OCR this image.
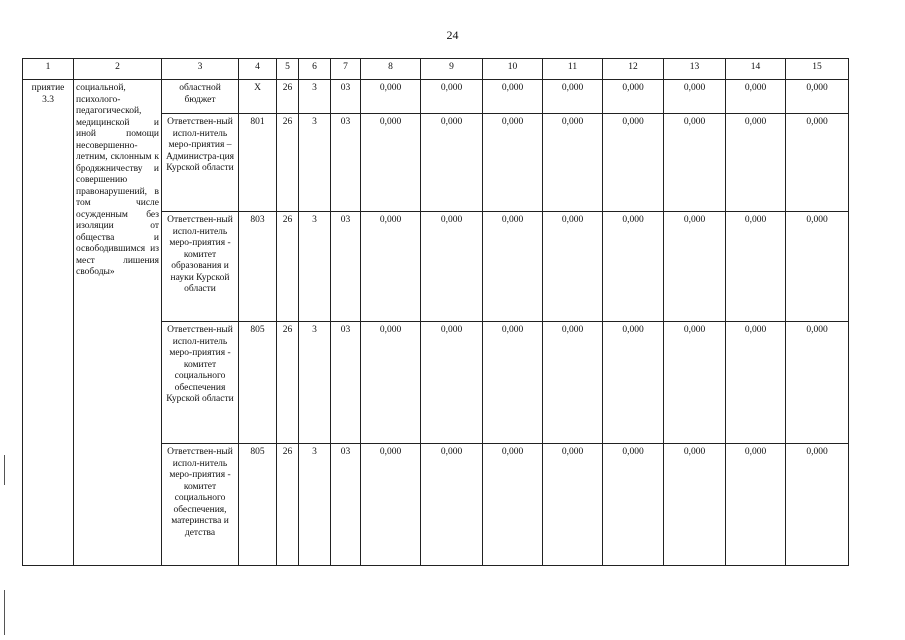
24
1	2	3	4	5	6	7	8	9	10	11	12	13	14	15
приятие 3.3	социальной, психолого-педагогической, медицинской и иной помощи несовершенно-летним, склонным к бродяжничеству и совершению правонарушений, в том числе осужденным без изоляции от общества и освободившимся из мест лишения свободы»	областной бюджет	Х	26	3	03	0,000	0,000	0,000	0,000	0,000	0,000	0,000	0,000
		Ответствен-ный испол-нитель меро-приятия – Администра-ция Курской области	801	26	3	03	0,000	0,000	0,000	0,000	0,000	0,000	0,000	0,000
		Ответствен-ный испол-нитель меро-приятия - комитет образования и науки Курской области	803	26	3	03	0,000	0,000	0,000	0,000	0,000	0,000	0,000	0,000
		Ответствен-ный испол-нитель меро-приятия - комитет социального обеспечения Курской области	805	26	3	03	0,000	0,000	0,000	0,000	0,000	0,000	0,000	0,000
		Ответствен-ный испол-нитель меро-приятия - комитет социального обеспечения, материнства и детства	805	26	3	03	0,000	0,000	0,000	0,000	0,000	0,000	0,000	0,000
